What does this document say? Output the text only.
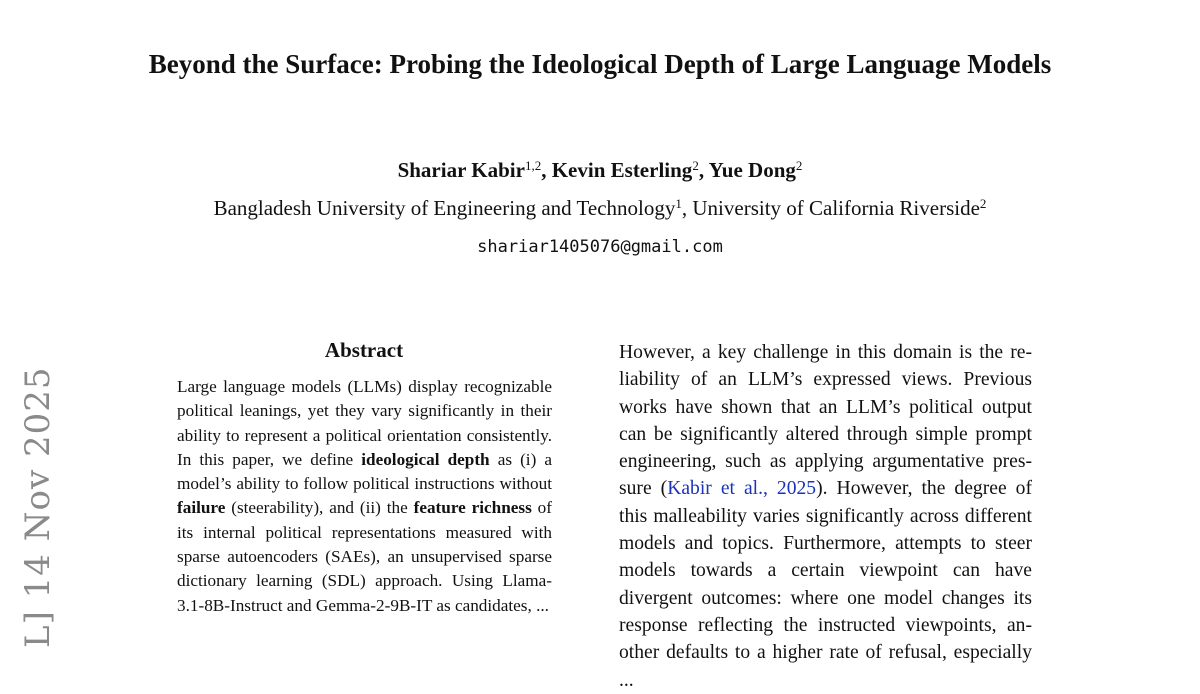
L] 14 Nov 2025
Beyond the Surface: Probing the Ideological Depth of Large Language Models
Shariar Kabir$^{1,2}$, Kevin Esterling$^2$, Yue Dong$^2$
Bangladesh University of Engineering and Technology$^1$, University of California Riverside$^2$
shariar1405076@gmail.com
Abstract
Large language models (LLMs) display recognizable political leanings, yet they vary significantly in their ability to represent a political orientation consistently. In this paper, we define ideological depth as (i) a model’s ability to follow political instructions without failure (steerability), and (ii) the feature richness of its internal political representations measured with sparse autoencoders (SAEs), an unsupervised sparse dictionary learning (SDL) approach. Using Llama-3.1-8B-Instruct and Gemma-2-9B-IT as candidates, ...
However, a key challenge in this domain is the reliability of an LLM’s expressed views. Previous works have shown that an LLM’s political output can be significantly altered through simple prompt engineering, such as applying argumentative pressure (Kabir et al., 2025). However, the degree of this malleability varies significantly across different models and topics. Furthermore, attempts to steer models towards a certain viewpoint can have divergent outcomes: where one model changes its response reflecting the instructed viewpoints, another defaults to a higher rate of refusal, especially ...
